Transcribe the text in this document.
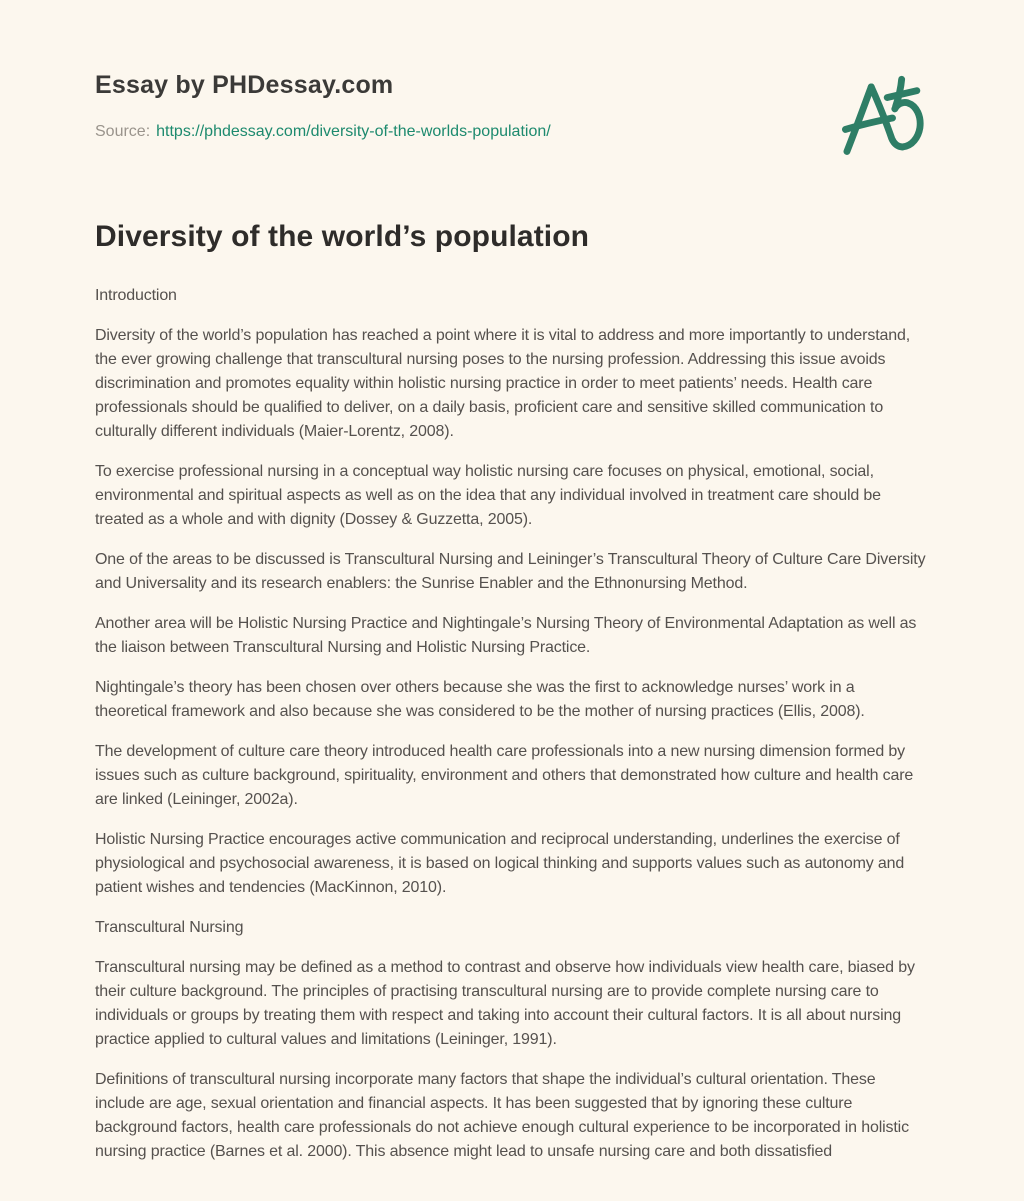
Essay by PHDessay.com

Source: https://phdessay.com/diversity-of-the-worlds-population/

Diversity of the world’s population

Introduction

Diversity of the world’s population has reached a point where it is vital to address and more importantly to understand, the ever growing challenge that transcultural nursing poses to the nursing profession. Addressing this issue avoids discrimination and promotes equality within holistic nursing practice in order to meet patients’ needs. Health care professionals should be qualified to deliver, on a daily basis, proficient care and sensitive skilled communication to culturally different individuals (Maier-Lorentz, 2008).

To exercise professional nursing in a conceptual way holistic nursing care focuses on physical, emotional, social, environmental and spiritual aspects as well as on the idea that any individual involved in treatment care should be treated as a whole and with dignity (Dossey & Guzzetta, 2005).

One of the areas to be discussed is Transcultural Nursing and Leininger’s Transcultural Theory of Culture Care Diversity and Universality and its research enablers: the Sunrise Enabler and the Ethnonursing Method.

Another area will be Holistic Nursing Practice and Nightingale’s Nursing Theory of Environmental Adaptation as well as the liaison between Transcultural Nursing and Holistic Nursing Practice.

Nightingale’s theory has been chosen over others because she was the first to acknowledge nurses’ work in a theoretical framework and also because she was considered to be the mother of nursing practices (Ellis, 2008).

The development of culture care theory introduced health care professionals into a new nursing dimension formed by issues such as culture background, spirituality, environment and others that demonstrated how culture and health care are linked (Leininger, 2002a).

Holistic Nursing Practice encourages active communication and reciprocal understanding, underlines the exercise of physiological and psychosocial awareness, it is based on logical thinking and supports values such as autonomy and patient wishes and tendencies (MacKinnon, 2010).

Transcultural Nursing

Transcultural nursing may be defined as a method to contrast and observe how individuals view health care, biased by their culture background. The principles of practising transcultural nursing are to provide complete nursing care to individuals or groups by treating them with respect and taking into account their cultural factors. It is all about nursing practice applied to cultural values and limitations (Leininger, 1991).

Definitions of transcultural nursing incorporate many factors that shape the individual’s cultural orientation. These include are age, sexual orientation and financial aspects. It has been suggested that by ignoring these culture background factors, health care professionals do not achieve enough cultural experience to be incorporated in holistic nursing practice (Barnes et al. 2000). This absence might lead to unsafe nursing care and both dissatisfied
